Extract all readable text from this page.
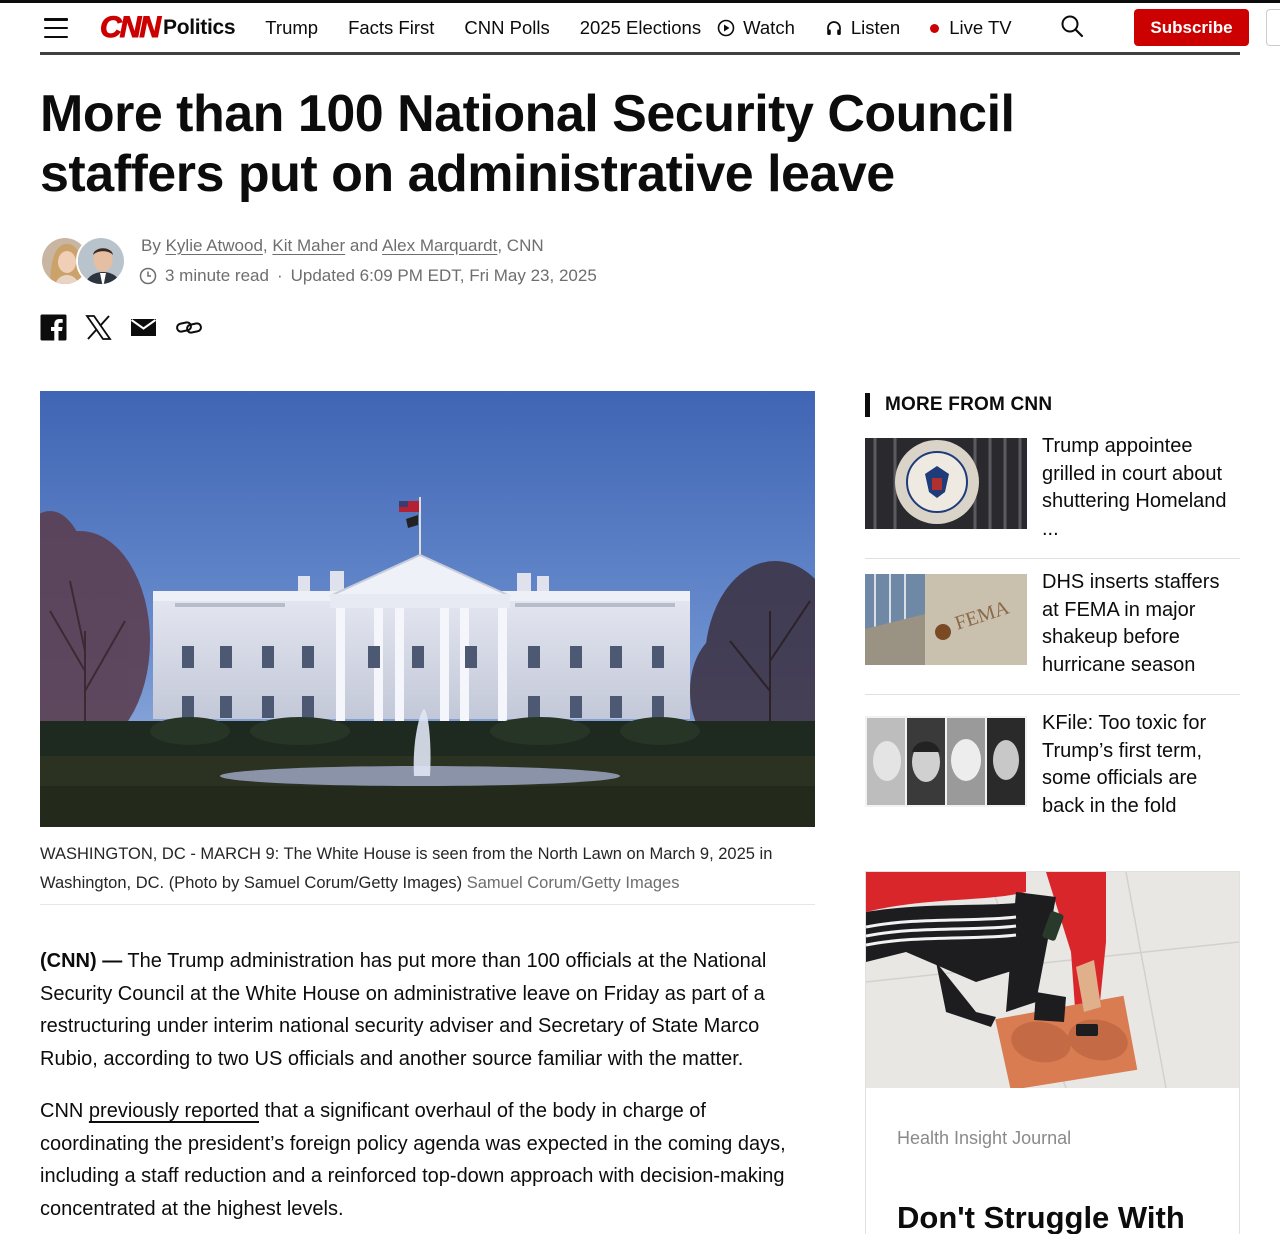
CNN Politics Trump Facts First CNN Polls 2025 Elections Watch	Listen	Live TV	Subscribe
More than 100 National Security Council staffers put on administrative leave
By Kylie Atwood, Kit Maher and Alex Marquardt, CNN
3 minute read · Updated 6:09 PM EDT, Fri May 23, 2025
WASHINGTON, DC - MARCH 9: The White House is seen from the North Lawn on March 9, 2025 in Washington, DC. (Photo by Samuel Corum/Getty Images) Samuel Corum/Getty Images

(CNN) — The Trump administration has put more than 100 officials at the National Security Council at the White House on administrative leave on Friday as part of a restructuring under interim national security adviser and Secretary of State Marco Rubio, according to two US officials and another source familiar with the matter.

CNN previously reported that a significant overhaul of the body in charge of coordinating the president’s foreign policy agenda was expected in the coming days, including a staff reduction and a reinforced top-down approach with decision-making concentrated at the highest levels.

MORE FROM CNN
Trump appointee grilled in court about shuttering Homeland ...
FEMA
DHS inserts staffers at FEMA in major shakeup before hurricane season
KFile: Too toxic for Trump’s first term, some officials are back in the fold
Health Insight Journal
Don't Struggle With
